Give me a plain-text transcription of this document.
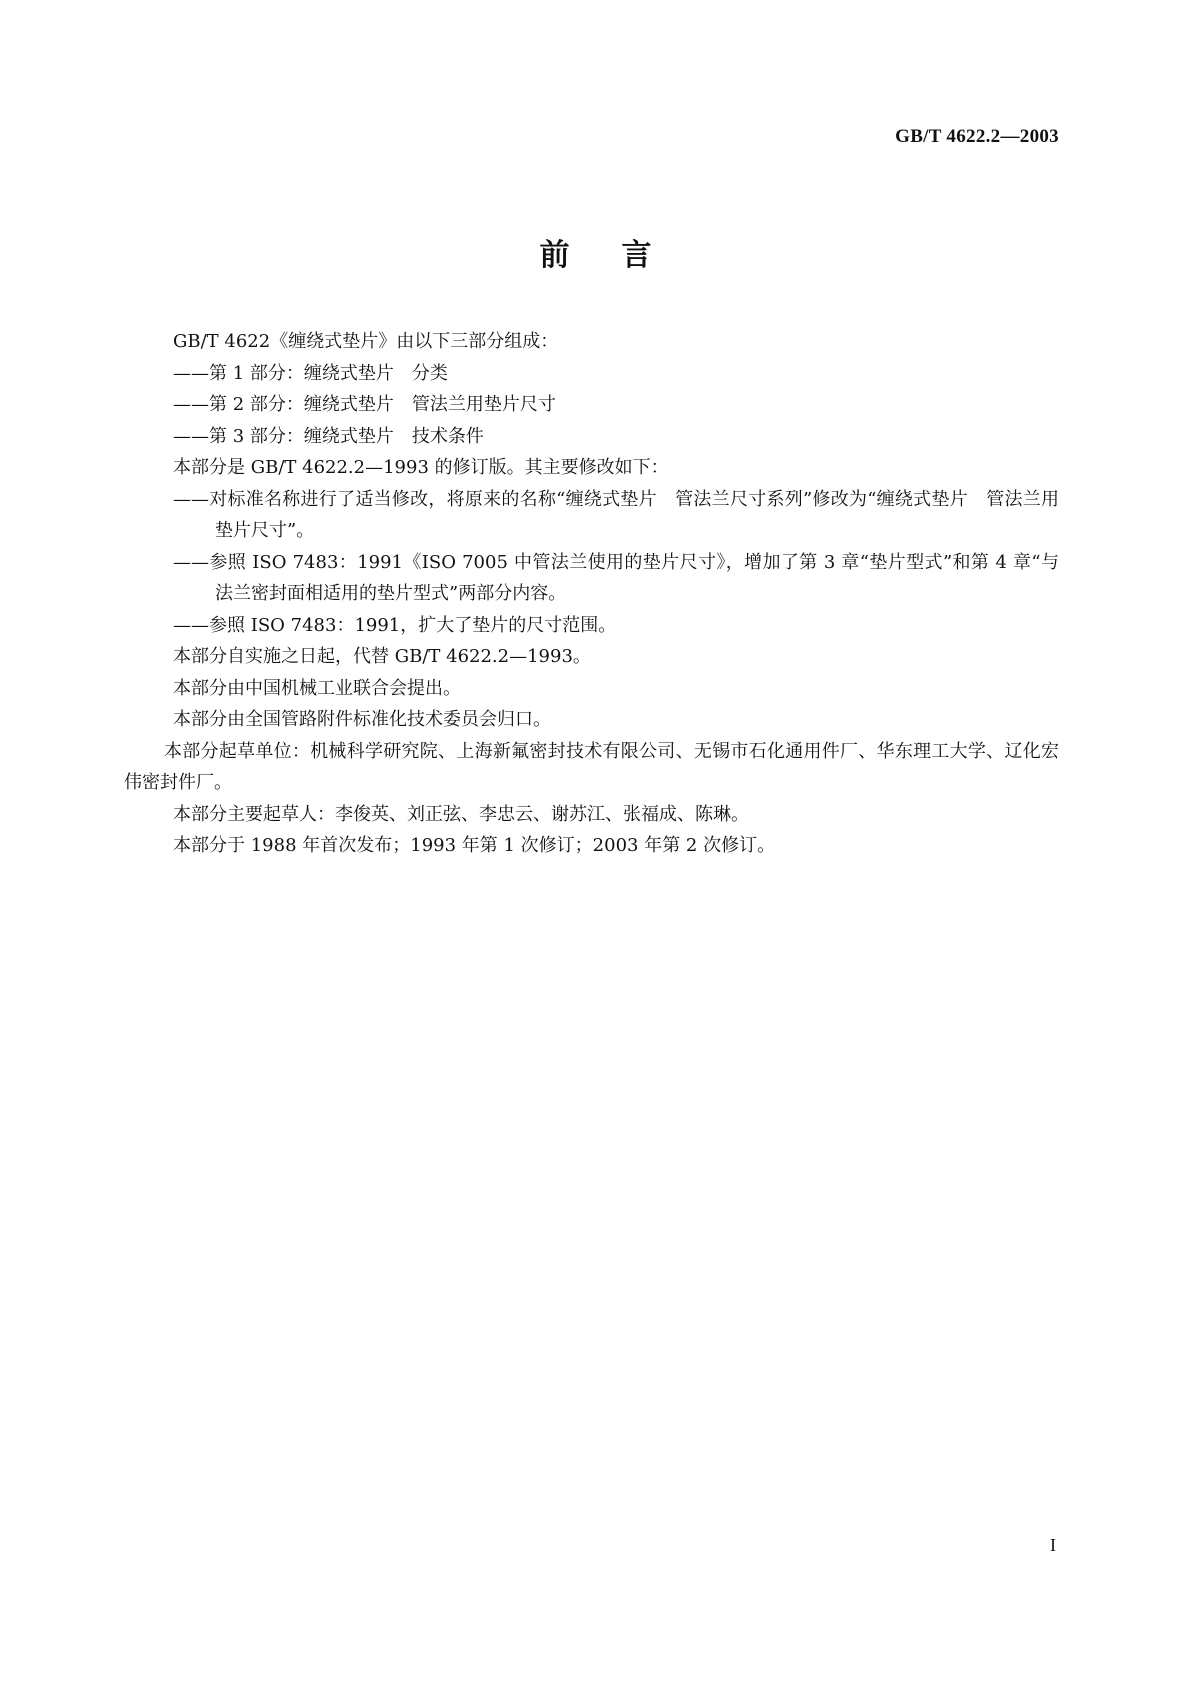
GB/T 4622.2—2003
前言

GB/T 4622《缠绕式垫片》由以下三部分组成：

——第 1 部分：缠绕式垫片　分类

——第 2 部分：缠绕式垫片　管法兰用垫片尺寸

——第 3 部分：缠绕式垫片　技术条件

本部分是 GB/T 4622.2—1993 的修订版。其主要修改如下：

——对标准名称进行了适当修改，将原来的名称“缠绕式垫片　管法兰尺寸系列”修改为“缠绕式垫片　管法兰用垫片尺寸”。

——参照 ISO 7483：1991《ISO 7005 中管法兰使用的垫片尺寸》，增加了第 3 章“垫片型式”和第 4 章“与法兰密封面相适用的垫片型式”两部分内容。

——参照 ISO 7483：1991，扩大了垫片的尺寸范围。

本部分自实施之日起，代替 GB/T 4622.2—1993。

本部分由中国机械工业联合会提出。

本部分由全国管路附件标准化技术委员会归口。

本部分起草单位：机械科学研究院、上海新氟密封技术有限公司、无锡市石化通用件厂、华东理工大学、辽化宏伟密封件厂。

本部分主要起草人：李俊英、刘正弦、李忠云、谢苏江、张福成、陈琳。

本部分于 1988 年首次发布；1993 年第 1 次修订；2003 年第 2 次修订。

I
